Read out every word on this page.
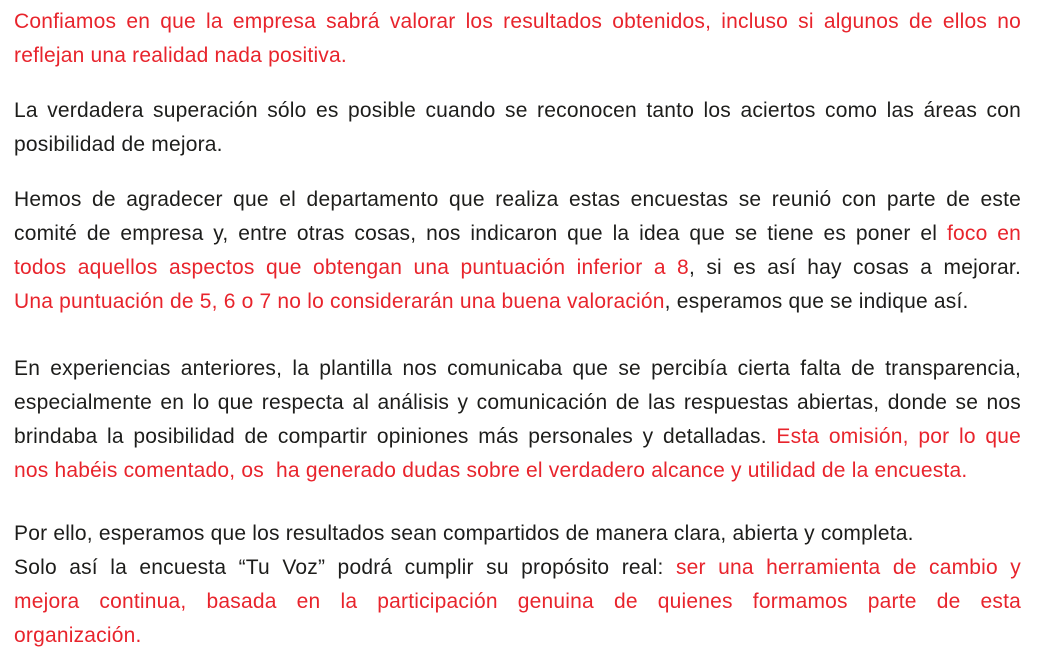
Confiamos en que la empresa sabrá valorar los resultados obtenidos, incluso si algunos de ellos no
reflejan una realidad nada positiva.

La verdadera superación sólo es posible cuando se reconocen tanto los aciertos como las áreas con
posibilidad de mejora.

Hemos de agradecer que el departamento que realiza estas encuestas se reunió con parte de este
comité de empresa y, entre otras cosas, nos indicaron que la idea que se tiene es poner el foco en
todos aquellos aspectos que obtengan una puntuación inferior a 8, si es así hay cosas a mejorar.
Una puntuación de 5, 6 o 7 no lo considerarán una buena valoración, esperamos que se indique así.

En experiencias anteriores, la plantilla nos comunicaba que se percibía cierta falta de transparencia,
especialmente en lo que respecta al análisis y comunicación de las respuestas abiertas, donde se nos
brindaba la posibilidad de compartir opiniones más personales y detalladas. Esta omisión, por lo que
nos habéis comentado, os  ha generado dudas sobre el verdadero alcance y utilidad de la encuesta.

Por ello, esperamos que los resultados sean compartidos de manera clara, abierta y completa.
Solo así la encuesta “Tu Voz” podrá cumplir su propósito real: ser una herramienta de cambio y
mejora continua, basada en la participación genuina de quienes formamos parte de esta
organización.
